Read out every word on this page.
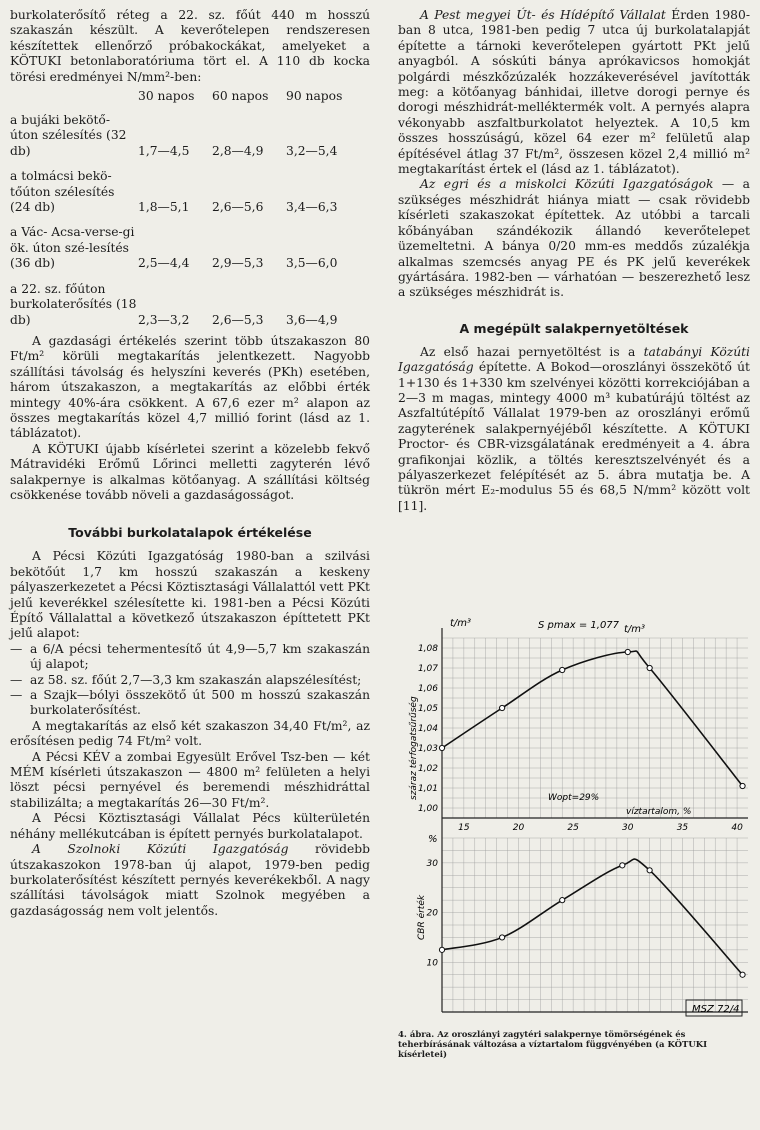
burkolaterősítő réteg a 22. sz. főút 440 m hosszú szakaszán készült. A keverőtelepen rendszeresen készítettek ellenőrző próbakockákat, amelyeket a KÖTUKI betonlaboratóriuma tört el. A 110 db kocka törési eredményei N/mm²-ben:

	30 napos	60 napos	90 napos
a bujáki bekötő-úton szélesítés (32 db)	1,7—4,5	2,8—4,9	3,2—5,4
a tolmácsi bekö-tőúton szélesítés (24 db)	1,8—5,1	2,6—5,6	3,4—6,3
a Vác- Acsa-verse-gi ök. úton szé-lesítés (36 db)	2,5—4,4	2,9—5,3	3,5—6,0
a 22. sz. főúton burkolaterősítés (18 db)	2,3—3,2	2,6—5,3	3,6—4,9

A gazdasági értékelés szerint több útszakaszon 80 Ft/m² körüli megtakarítás jelentkezett. Nagyobb szállítási távolság és helyszíni keverés (PKh) esetében, három útszakaszon, a megtakarítás az előbbi érték mintegy 40%-ára csökkent. A 67,6 ezer m² alapon az összes megtakarítás közel 4,7 millió forint (lásd az 1. táblázatot).

A KÖTUKI újabb kísérletei szerint a közelebb fekvő Mátravidéki Erőmű Lőrinci melletti zagyterén lévő salakpernye is alkalmas kötőanyag. A szállítási költség csökkenése tovább növeli a gazdaságosságot.

További burkolatalapok értékelése

A Pécsi Közúti Igazgatóság 1980-ban a szilvási bekötőút 1,7 km hosszú szakaszán a keskeny pályaszerkezetet a Pécsi Köztisztasági Vállalattól vett PKt jelű keverékkel szélesítette ki. 1981-ben a Pécsi Közúti Építő Vállalattal a következő útszakaszon építtetett PKt jelű alapot:

— a 6/A pécsi tehermentesítő út 4,9—5,7 km szakaszán új alapot;
— az 58. sz. főút 2,7—3,3 km szakaszán alapszélesítést;
— a Szajk—bólyi összekötő út 500 m hosszú szakaszán burkolaterősítést.

A megtakarítás az első két szakaszon 34,40 Ft/m², az erősítésen pedig 74 Ft/m² volt.

A Pécsi KÉV a zombai Egyesült Erővel Tsz-ben — két MÉM kísérleti útszakaszon — 4800 m² felületen a helyi löszt pécsi pernyével és beremendi mészhidráttal stabilizálta; a megtakarítás 26—30 Ft/m².

A Pécsi Köztisztasági Vállalat Pécs külterületén néhány mellékutcában is épített pernyés burkolatalapot.

A Szolnoki Közúti Igazgatóság rövidebb útszakaszokon 1978-ban új alapot, 1979-ben pedig burkolaterősítést készített pernyés keverékekből. A nagy szállítási távolságok miatt Szolnok megyében a gazdaságosság nem volt jelentős.

A Pest megyei Út- és Hídépítő Vállalat Érden 1980-ban 8 utca, 1981-ben pedig 7 utca új burkolatalapját építette a tárnoki keverőtelepen gyártott PKt jelű anyagból. A sóskúti bánya aprókavicsos homokját polgárdi mészkőzúzalék hozzákeverésével javították meg: a kötőanyag bánhidai, illetve dorogi pernye és dorogi mészhidrát-melléktermék volt. A pernyés alapra vékonyabb aszfaltburkolatot helyeztek. A 10,5 km összes hosszúságú, közel 64 ezer m² felületű alap építésével átlag 37 Ft/m², összesen közel 2,4 millió m² megtakarítást értek el (lásd az 1. táblázatot).

Az egri és a miskolci Közúti Igazgatóságok — a szükséges mészhidrát hiánya miatt — csak rövidebb kísérleti szakaszokat építettek. Az utóbbi a tarcali kőbányában szándékozik állandó keverőtelepet üzemeltetni. A bánya 0/20 mm-es meddős zúzalékja alkalmas szemcsés anyag PE és PK jelű keverékek gyártására. 1982-ben — várhatóan — beszerezhető lesz a szükséges mészhidrát is.

A megépült salakpernyetöltések

Az első hazai pernyetöltést is a tatabányi Közúti Igazgatóság építette. A Bokod—oroszlányi összekötő út 1+130 és 1+330 km szelvényei közötti korrekciójában a 2—3 m magas, mintegy 4000 m³ kubatúrájú töltést az Aszfaltútépítő Vállalat 1979-ben az oroszlányi erőmű zagyterének salakpernyéjéből készítette. A KÖTUKI Proctor- és CBR-vizsgálatának eredményeit a 4. ábra grafikonjai közlik, a töltés keresztszelvényét és a pályaszerkezet felépítését az 5. ábra mutatja be. A tükrön mért E₂-modulus 55 és 68,5 N/mm² között volt [11].

t/m³	S pmax = 1,077 t/m³
száraz térfogatsűrűség	Wopt=29%
víztartalom, %
%
CBR érték
1,08
1,07
1,06
1,05
1,04
1,03
1,02
1,01
1,00
30
20
10
15	20	25	30	35	40
MSZ 72/4
4. ábra. Az oroszlányi zagytéri salakpernye tömörségének és teherbírásának változása a víztartalom függvényében (a KÖTUKI kísérletei)
